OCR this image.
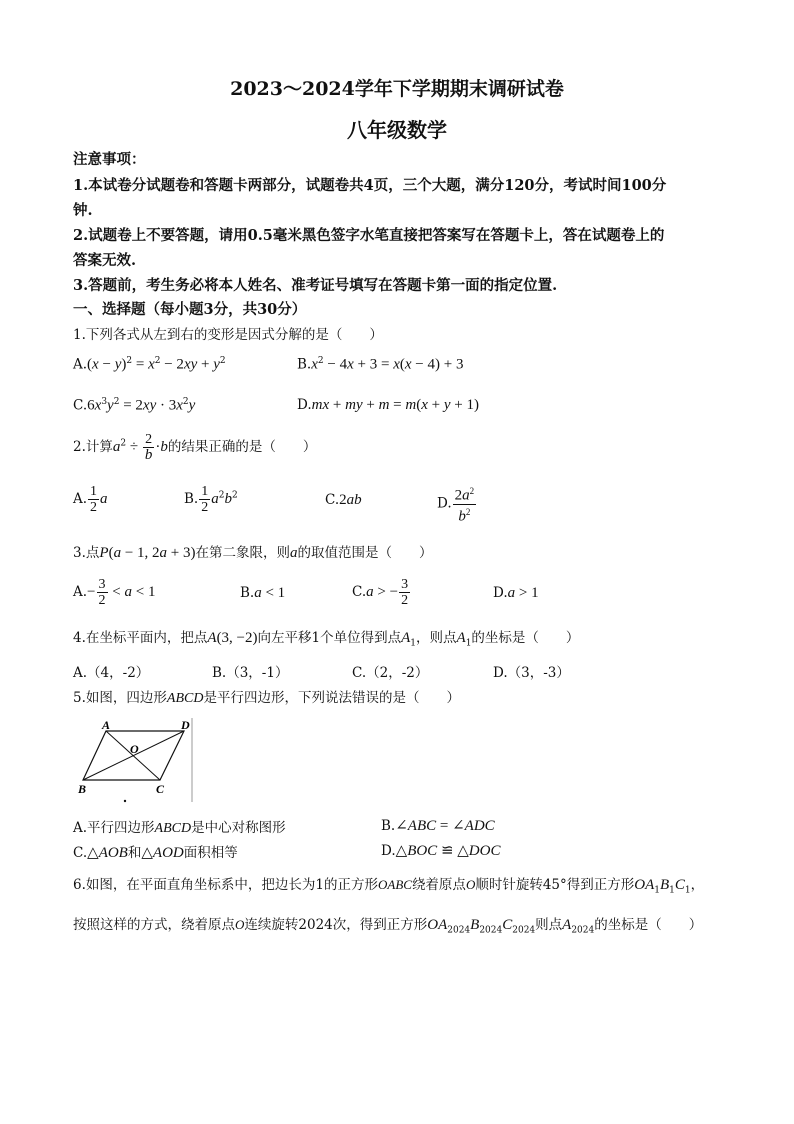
2023～2024学年下学期期末调研试卷
八年级数学
注意事项：
1.本试卷分试题卷和答题卡两部分，试题卷共4页，三个大题，满分120分，考试时间100分
钟.
2.试题卷上不要答题，请用0.5毫米黑色签字水笔直接把答案写在答题卡上，答在试题卷上的
答案无效.
3.答题前，考生务必将本人姓名、准考证号填写在答题卡第一面的指定位置.
一、选择题（每小题3分，共30分）
1.下列各式从左到右的变形是因式分解的是（　　）
$A.(x - y)^2 = x^2 - 2xy + y^2$	$B.x^2 - 4x + 3 = x(x - 4) + 3$
$C.6x^3y^2 = 2xy \cdot 3x^2y$	D.mx + my + m = m(x + y + 1)
2.计算$a^2 \div \frac{2}{b} \cdot b$的结果正确的是（　　）
A. $\frac{1}{2}$ a	B. $\frac{1}{2} a^2b^2$	C.2ab	D. $\frac{2a^2}{b^2}$
3.点P(a − 1, 2a + 3)在第二象限，则a的取值范围是（　　）
$A.- \frac{3}{2} < a < 1$	B.a < 1	C.a > − $\frac{3}{2}$	D.a > 1
4.在坐标平面内，把点A(3, −2)向左平移1个单位得到点$A_1$，则点$A_1$的坐标是（　　）
A.（4，-2）	B.（3，-1）	C.（2，-2）	D.（3，-3）
5.如图，四边形ABCD是平行四边形，下列说法错误的是（　　）
A	D
O
B	C
A.平行四边形ABCD是中心对称图形	B.∠ABC = ∠ADC
C.△AOB和△AOD面积相等	D.△BOC ≌ △DOC
6.如图，在平面直角坐标系中，把边长为1的正方形OABC绕着原点O顺时针旋转45°得到正方形$OA_1B_1C_1$，
按照这样的方式，绕着原点O连续旋转2024次，得到正方形$OA_{2024}B_{2024}C_{2024}$则点$A_{2024}$的坐标是（　　）
